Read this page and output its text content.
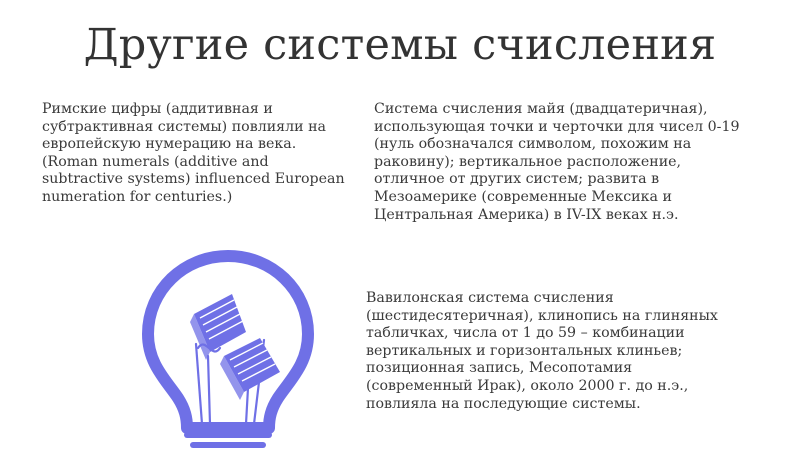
Другие системы счисления
Римские цифры (аддитивная и
субтрактивная системы) повлияли на
европейскую нумерацию на века.
(Roman numerals (additive and
subtractive systems) influenced European
numeration for centuries.)
Система счисления майя (двадцатеричная),
использующая точки и черточки для чисел 0-19
(нуль обозначался символом, похожим на
раковину); вертикальное расположение,
отличное от других систем; развита в
Мезоамерике (современные Мексика и
Центральная Америка) в IV-IX веках н.э.
Вавилонская система счисления
(шестидесятеричная), клинопись на глиняных
табличках, числа от 1 до 59 – комбинации
вертикальных и горизонтальных клиньев;
позиционная запись, Месопотамия
(современный Ирак), около 2000 г. до н.э.,
повлияла на последующие системы.
